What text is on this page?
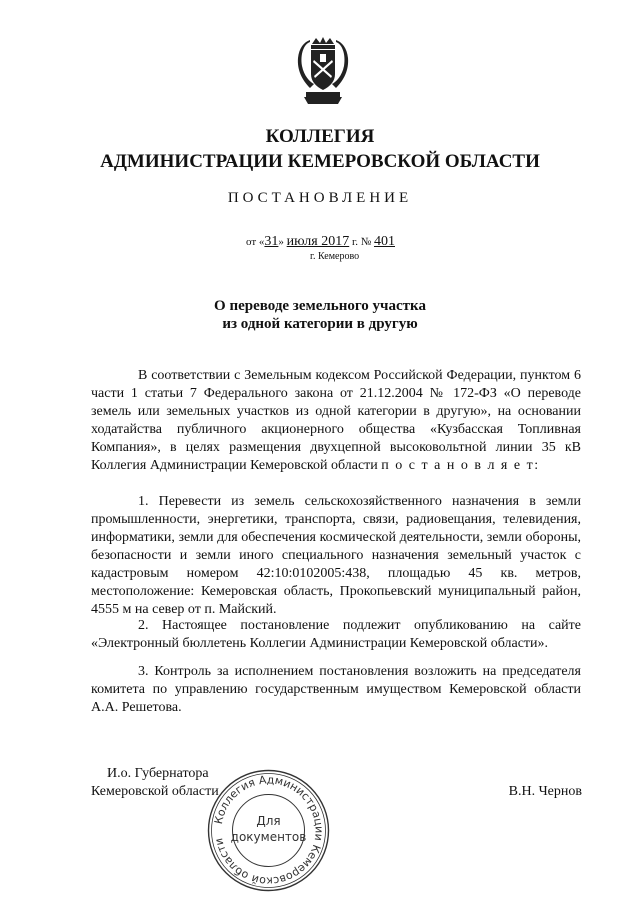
КОЛЛЕГИЯ
АДМИНИСТРАЦИИ КЕМЕРОВСКОЙ ОБЛАСТИ
ПОСТАНОВЛЕНИЕ
от «31» июля 2017 г. № 401
г. Кемерово
О переводе земельного участка
из одной категории в другую

В соответствии с Земельным кодексом Российской Федерации, пунктом 6 части 1 статьи 7 Федерального закона от 21.12.2004 № 172-ФЗ «О переводе земель или земельных участков из одной категории в другую», на основании ходатайства публичного акционерного общества «Кузбасская Топливная Компания», в целях размещения двухцепной высоковольтной линии 35 кВ Коллегия Администрации Кемеровской области п о с т а н о в л я е т:

1. Перевести из земель сельскохозяйственного назначения в земли промышленности, энергетики, транспорта, связи, радиовещания, телевидения, информатики, земли для обеспечения космической деятельности, земли обороны, безопасности и земли иного специального назначения земельный участок с кадастровым номером 42:10:0102005:438, площадью 45 кв. метров, местоположение: Кемеровская область, Прокопьевский муниципальный район, 4555 м на север от п. Майский.

2. Настоящее постановление подлежит опубликованию на сайте «Электронный бюллетень Коллегии Администрации Кемеровской области».

3. Контроль за исполнением постановления возложить на председателя комитета по управлению государственным имуществом Кемеровской области А.А. Решетова.

И.о. Губернатора
Кемеровской области	В.Н. Чернов
Коллегия Администрации Кемеровской области
Для
документов
